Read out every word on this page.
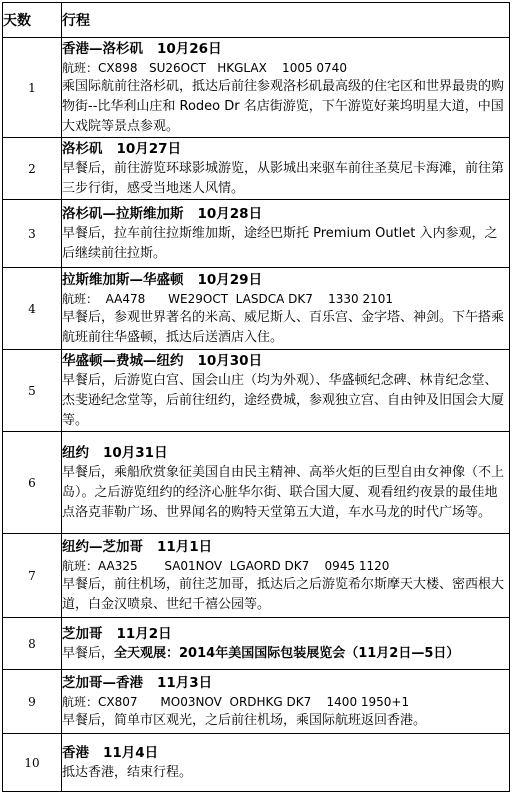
天数	行程
1	香港—洛杉矶 10月26日
航班：CX898   SU26OCT   HKGLAX    1005 0740
乘国际航前往洛杉矶，抵达后前往参观洛杉矶最高级的住宅区和世界最贵的购物街--比华利山庄和 Rodeo Dr 名店街游览，下午游览好莱坞明星大道，中国大戏院等景点参观。

2	洛杉矶 10月27日
早餐后，前往游览环球影城游览，从影城出来驱车前往圣莫尼卡海滩，前往第三步行街，感受当地迷人风情。

3	洛杉矶—拉斯维加斯 10月28日
早餐后，拉车前往拉斯维加斯，途经巴斯托 Premium Outlet 入内参观，之后继续前往拉斯。

4	拉斯维加斯—华盛顿 10月29日
航班：  AA478      WE29OCT  LASDCA DK7    1330 2101
早餐后，参观世界著名的米高、威尼斯人、百乐宫、金字塔、神剑。下午搭乘航班前往华盛顿，抵达后送酒店入住。

5	华盛顿—费城—纽约 10月30日
早餐后，后游览白宫、国会山庄（均为外观）、华盛顿纪念碑、林肯纪念堂、杰斐逊纪念堂等，后前往纽约，途经费城，参观独立宫、自由钟及旧国会大厦等。

6	纽约 10月31日
早餐后，乘船欣赏象征美国自由民主精神、高举火炬的巨型自由女神像（不上岛）。之后游览纽约的经济心脏华尔街、联合国大厦、观看纽约夜景的最佳地点洛克菲勒广场、世界闻名的购特天堂第五大道，车水马龙的时代广场等。

7	纽约—芝加哥 11月1日
航班：AA325       SA01NOV  LGAORD DK7    0945 1120
早餐后，前往机场，前往芝加哥，抵达后之后游览希尔斯摩天大楼、密西根大道，白金汉喷泉、世纪千禧公园等。

8	芝加哥 11月2日
早餐后，全天观展：2014年美国国际包装展览会（11月2日—5日）

9	芝加哥—香港 11月3日
航班：CX807      MO03NOV  ORDHKG DK7    1400 1950+1
早餐后，简单市区观光，之后前往机场，乘国际航班返回香港。

10	香港 11月4日
抵达香港，结束行程。
